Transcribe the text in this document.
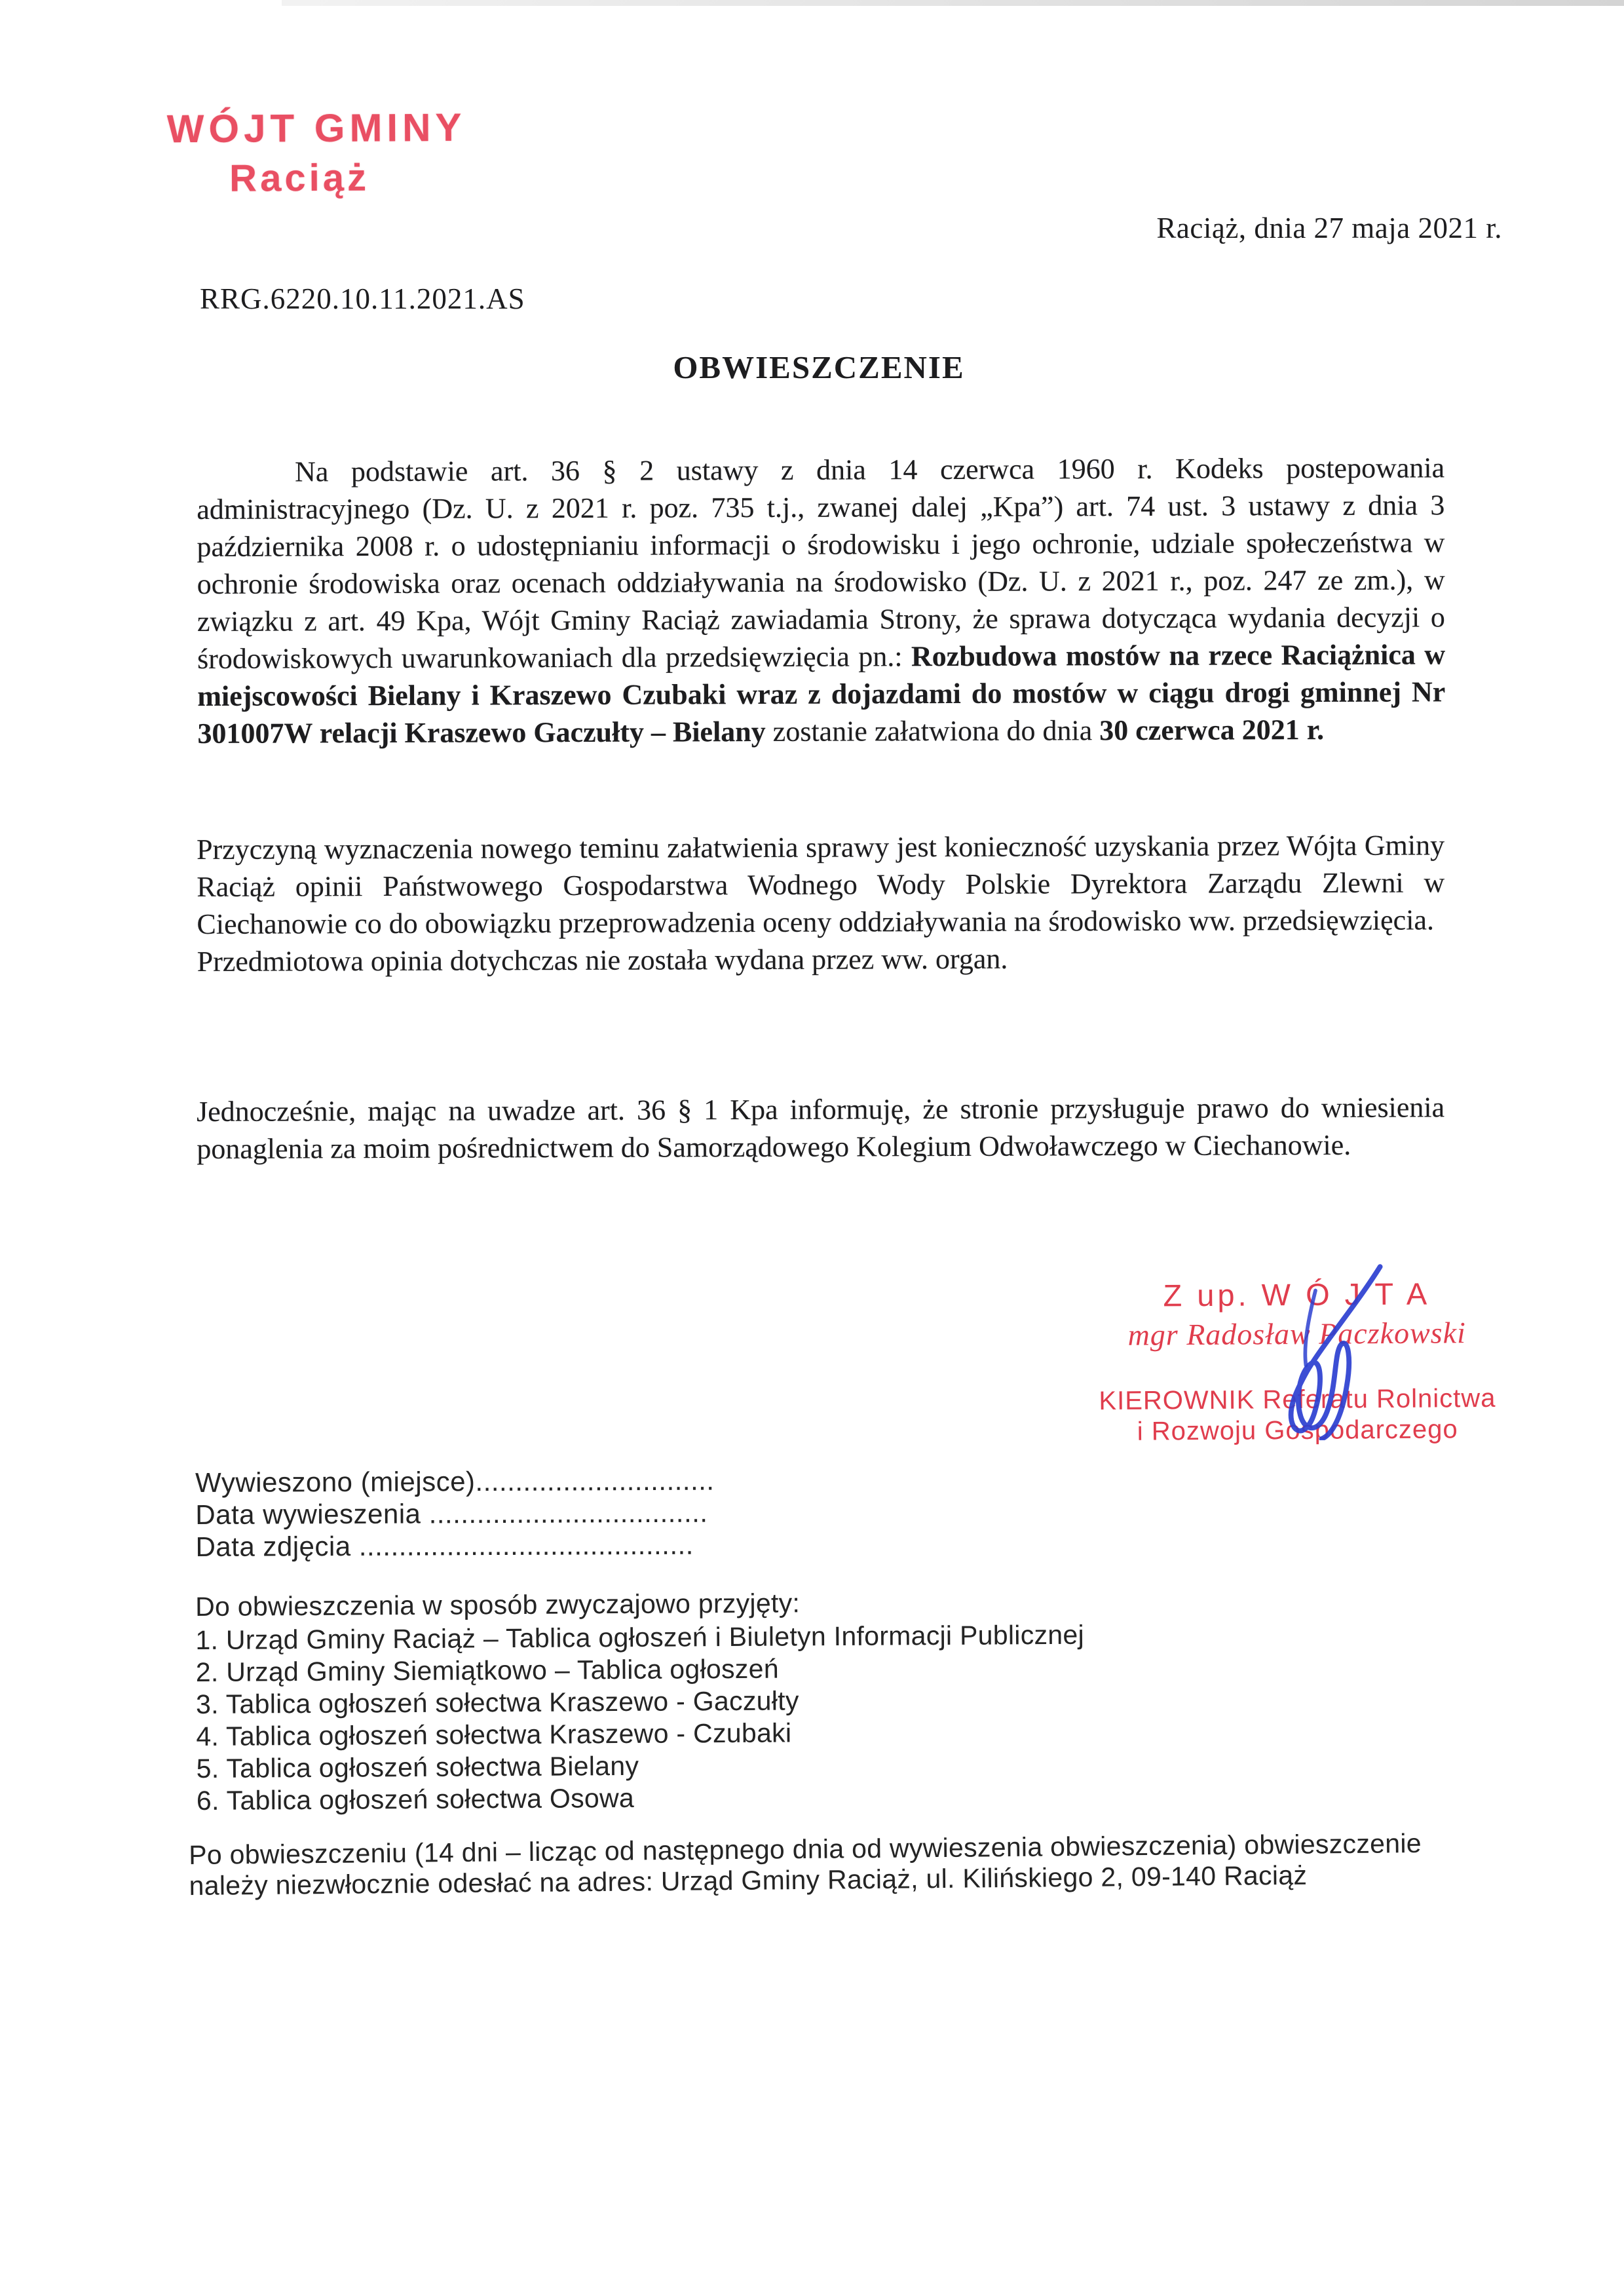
WÓJT GMINY
Raciąż
Raciąż, dnia 27 maja 2021 r.
RRG.6220.10.11.2021.AS
OBWIESZCZENIE
Na podstawie art. 36 § 2 ustawy z dnia 14 czerwca 1960 r. Kodeks postepowania administracyjnego (Dz. U. z 2021 r. poz. 735 t.j., zwanej dalej „Kpa”) art. 74 ust. 3 ustawy z dnia 3 października 2008 r. o udostępnianiu informacji o środowisku i jego ochronie, udziale społeczeństwa w ochronie środowiska oraz ocenach oddziaływania na środowisko (Dz. U. z 2021 r., poz. 247 ze zm.), w związku z art. 49 Kpa, Wójt Gminy Raciąż zawiadamia Strony, że sprawa dotycząca wydania decyzji o środowiskowych uwarunkowaniach dla przedsięwzięcia pn.: Rozbudowa mostów na rzece Raciążnica w miejscowości Bielany i Kraszewo Czubaki wraz z dojazdami do mostów w ciągu drogi gminnej Nr 301007W relacji Kraszewo Gaczułty – Bielany zostanie załatwiona do dnia 30 czerwca 2021 r.
Przyczyną wyznaczenia nowego teminu załatwienia sprawy jest konieczność uzyskania przez Wójta Gminy Raciąż opinii Państwowego Gospodarstwa Wodnego Wody Polskie Dyrektora Zarządu Zlewni w Ciechanowie co do obowiązku przeprowadzenia oceny oddziaływania na środowisko ww. przedsięwzięcia.
Przedmiotowa opinia dotychczas nie została wydana przez ww. organ.
Jednocześnie, mając na uwadze art. 36 § 1 Kpa informuję, że stronie przysługuje prawo do wniesienia ponaglenia za moim pośrednictwem do Samorządowego Kolegium Odwoławczego w Ciechanowie.
Z up. W Ó J T A
mgr Radosław Paczkowski
KIEROWNIK Referatu Rolnictwa
i Rozwoju Gospodarczego
Wywieszono (miejsce)..............................
Data wywieszenia ...................................
Data zdjęcia ..........................................
Do obwieszczenia w sposób zwyczajowo przyjęty:
1. Urząd Gminy Raciąż – Tablica ogłoszeń i Biuletyn Informacji Publicznej
2. Urząd Gminy Siemiątkowo – Tablica ogłoszeń
3. Tablica ogłoszeń sołectwa Kraszewo - Gaczułty
4. Tablica ogłoszeń sołectwa Kraszewo - Czubaki
5. Tablica ogłoszeń sołectwa Bielany
6. Tablica ogłoszeń sołectwa Osowa
Po obwieszczeniu (14 dni – licząc od następnego dnia od wywieszenia obwieszczenia) obwieszczenie należy niezwłocznie odesłać na adres: Urząd Gminy Raciąż, ul. Kilińskiego 2, 09-140 Raciąż
